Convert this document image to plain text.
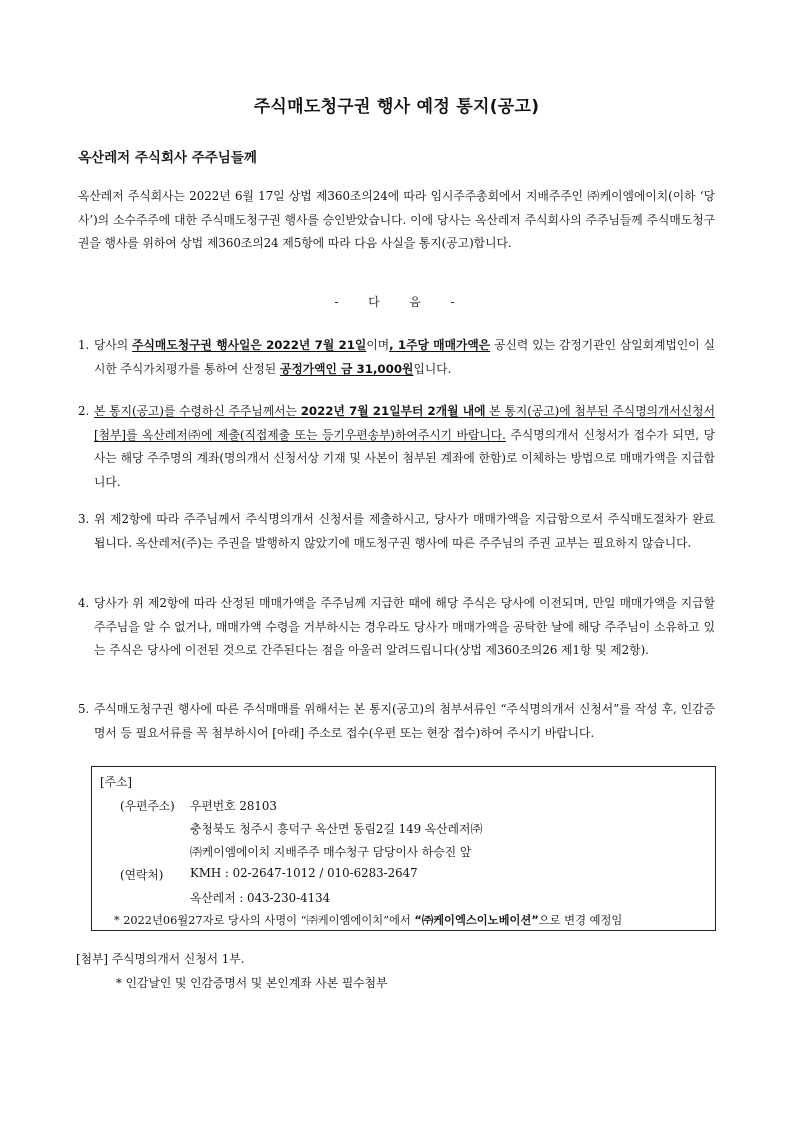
주식매도청구권 행사 예정 통지(공고)
옥산레저 주식회사 주주님들께
옥산레저 주식회사는 2022년 6월 17일 상법 제360조의24에 따라 임시주주총회에서 지배주주인 ㈜케이엠에이치(이하 ‘당사’)의 소수주주에 대한 주식매도청구권 행사를 승인받았습니다. 이에 당사는 옥산레저 주식회사의 주주님들께 주식매도청구권을 행사를 위하여 상법 제360조의24 제5항에 따라 다음 사실을 통지(공고)합니다.
- 다 음 -
1. 당사의 주식매도청구권 행사일은 2022년 7월 21일이며, 1주당 매매가액은 공신력 있는 감정기관인 삼일회계법인이 실시한 주식가치평가를 통하여 산정된 공정가액인 금 31,000원입니다.
2. 본 통지(공고)를 수령하신 주주님께서는 2022년 7월 21일부터 2개월 내에 본 통지(공고)에 첨부된 주식명의개서신청서[첨부]를 옥산레저㈜에 제출(직접제출 또는 등기우편송부)하여주시기 바랍니다. 주식명의개서 신청서가 접수가 되면, 당사는 해당 주주명의 계좌(명의개서 신청서상 기재 및 사본이 첨부된 계좌에 한함)로 이체하는 방법으로 매매가액을 지급합니다.
3. 위 제2항에 따라 주주님께서 주식명의개서 신청서를 제출하시고, 당사가 매매가액을 지급함으로서 주식매도절차가 완료됩니다. 옥산레저(주)는 주권을 발행하지 않았기에 매도청구권 행사에 따른 주주님의 주권 교부는 필요하지 않습니다.
4. 당사가 위 제2항에 따라 산정된 매매가액을 주주님께 지급한 때에 해당 주식은 당사에 이전되며, 만일 매매가액을 지급할 주주님을 알 수 없거나, 매매가액 수령을 거부하시는 경우라도 당사가 매매가액을 공탁한 날에 해당 주주님이 소유하고 있는 주식은 당사에 이전된 것으로 간주된다는 점을 아울러 알려드립니다(상법 제360조의26 제1항 및 제2항).
5. 주식매도청구권 행사에 따른 주식매매를 위해서는 본 통지(공고)의 첨부서류인 “주식명의개서 신청서”를 작성 후, 인감증명서 등 필요서류를 꼭 첨부하시어 [아래] 주소로 접수(우편 또는 현장 접수)하여 주시기 바랍니다.
[주소]
(우편주소) 우편번호 28103
충청북도 청주시 흥덕구 옥산면 동림2길 149 옥산레저㈜
㈜케이엠에이치 지배주주 매수청구 담당이사 하승진 앞
(연락처) KMH : 02-2647-1012 / 010-6283-2647
옥산레저 : 043-230-4134
* 2022년06월27자로 당사의 사명이 “㈜케이엠에이치”에서 “㈜케이엑스이노베이션”으로 변경 예정임
[첨부] 주식명의개서 신청서 1부.
* 인감날인 및 인감증명서 및 본인계좌 사본 필수첨부
